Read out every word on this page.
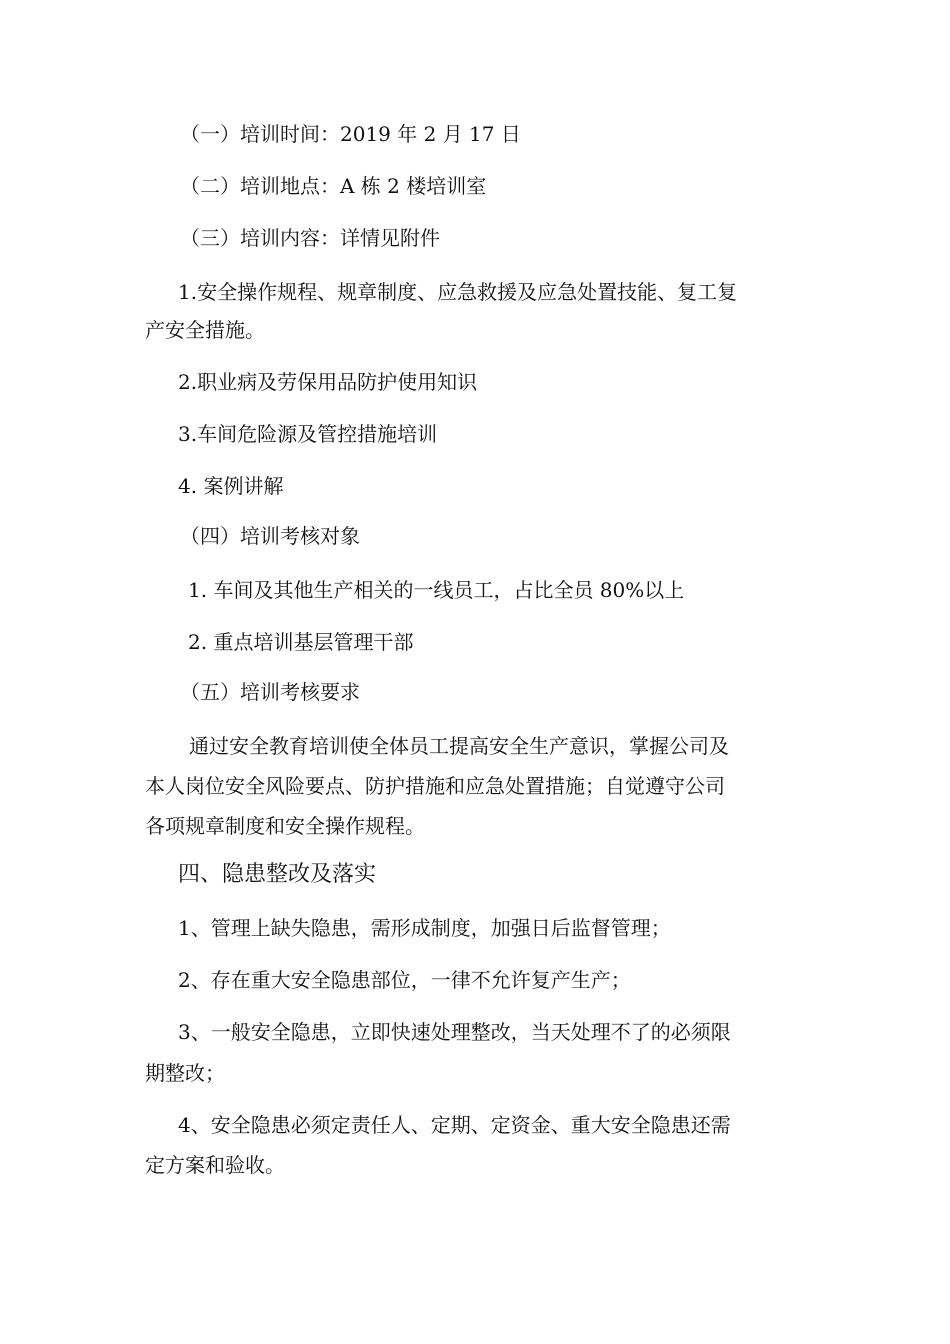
（一）培训时间：2019 年 2 月 17 日
（二）培训地点：A 栋 2 楼培训室
（三）培训内容：详情见附件
1.安全操作规程、规章制度、应急救援及应急处置技能、复工复
产安全措施。
2.职业病及劳保用品防护使用知识
3.车间危险源及管控措施培训
4. 案例讲解
（四）培训考核对象
1. 车间及其他生产相关的一线员工，占比全员 80%以上
2. 重点培训基层管理干部
（五）培训考核要求
通过安全教育培训使全体员工提高安全生产意识，掌握公司及
本人岗位安全风险要点、防护措施和应急处置措施；自觉遵守公司
各项规章制度和安全操作规程。
四、隐患整改及落实
1、管理上缺失隐患，需形成制度，加强日后监督管理；
2、存在重大安全隐患部位，一律不允许复产生产；
3、一般安全隐患，立即快速处理整改，当天处理不了的必须限
期整改；
4、安全隐患必须定责任人、定期、定资金、重大安全隐患还需
定方案和验收。
